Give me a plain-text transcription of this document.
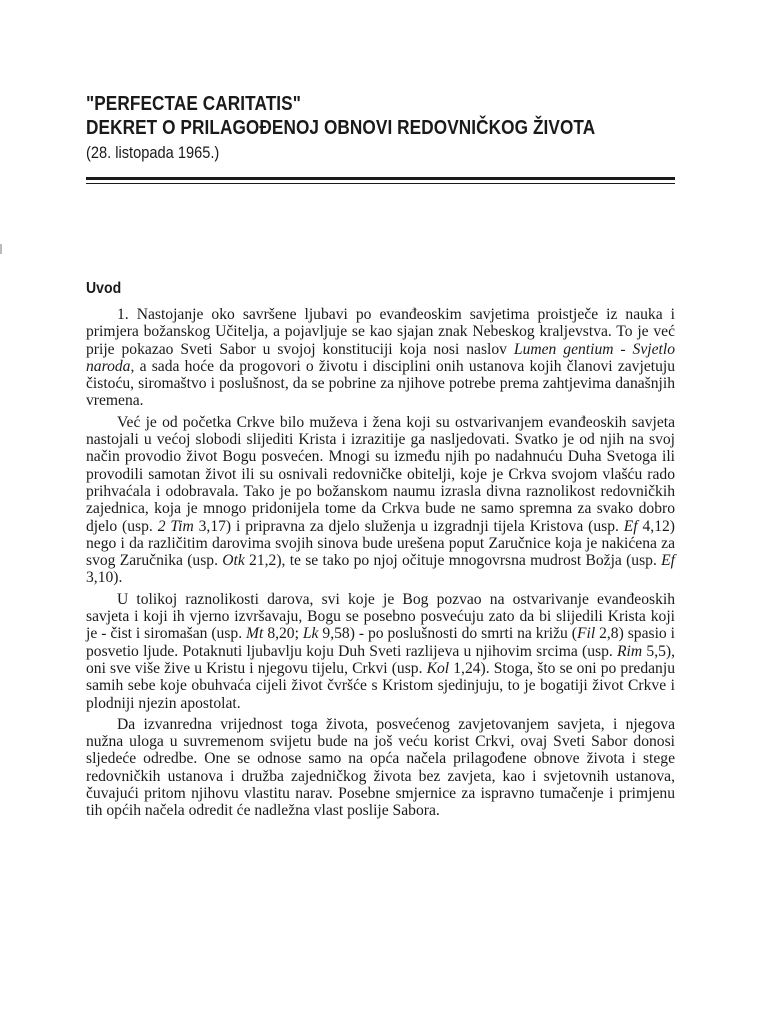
"PERFECTAE CARITATIS"
DEKRET O PRILAGOĐENOJ OBNOVI REDOVNIČKOG ŽIVOTA
(28. listopada 1965.)
Uvod

1. Nastojanje oko savršene ljubavi po evanđeoskim savjetima proistječe iz nauka i primjera božanskog Učitelja, a pojavljuje se kao sjajan znak Nebeskog kraljevstva. To je već prije pokazao Sveti Sabor u svojoj konstituciji koja nosi naslov Lumen gentium - Svjetlo naroda, a sada hoće da progovori o životu i disciplini onih ustanova kojih članovi zavjetuju čistoću, siromaštvo i poslušnost, da se pobrine za njihove potrebe prema zahtjevima današnjih vremena.

Već je od početka Crkve bilo muževa i žena koji su ostvarivanjem evanđeoskih savjeta nastojali u većoj slobodi slijediti Krista i izrazitije ga nasljedovati. Svatko je od njih na svoj način provodio život Bogu posvećen. Mnogi su između njih po nadahnuću Duha Svetoga ili provodili samotan život ili su osnivali redovničke obitelji, koje je Crkva svojom vlašću rado prihvaćala i odobravala. Tako je po božanskom naumu izrasla divna raznolikost redovničkih zajednica, koja je mnogo pridonijela tome da Crkva bude ne samo spremna za svako dobro djelo (usp. 2 Tim 3,17) i pripravna za djelo služenja u izgradnji tijela Kristova (usp. Ef 4,12) nego i da različitim darovima svojih sinova bude urešena poput Zaručnice koja je nakićena za svog Zaručnika (usp. Otk 21,2), te se tako po njoj očituje mnogovrsna mudrost Božja (usp. Ef 3,10).

U tolikoj raznolikosti darova, svi koje je Bog pozvao na ostvarivanje evanđeoskih savjeta i koji ih vjerno izvršavaju, Bogu se posebno posvećuju zato da bi slijedili Krista koji je - čist i siromašan (usp. Mt 8,20; Lk 9,58) - po poslušnosti do smrti na križu (Fil 2,8) spasio i posvetio ljude. Potaknuti ljubavlju koju Duh Sveti razlijeva u njihovim srcima (usp. Rim 5,5), oni sve više žive u Kristu i njegovu tijelu, Crkvi (usp. Kol 1,24). Stoga, što se oni po predanju samih sebe koje obuhvaća cijeli život čvršće s Kristom sjedinjuju, to je bogatiji život Crkve i plodniji njezin apostolat.

Da izvanredna vrijednost toga života, posvećenog zavjetovanjem savjeta, i njegova nužna uloga u suvremenom svijetu bude na još veću korist Crkvi, ovaj Sveti Sabor donosi sljedeće odredbe. One se odnose samo na opća načela prilagođene obnove života i stege redovničkih ustanova i družba zajedničkog života bez zavjeta, kao i svjetovnih ustanova, čuvajući pritom njihovu vlastitu narav. Posebne smjernice za ispravno tumačenje i primjenu tih općih načela odredit će nadležna vlast poslije Sabora.
